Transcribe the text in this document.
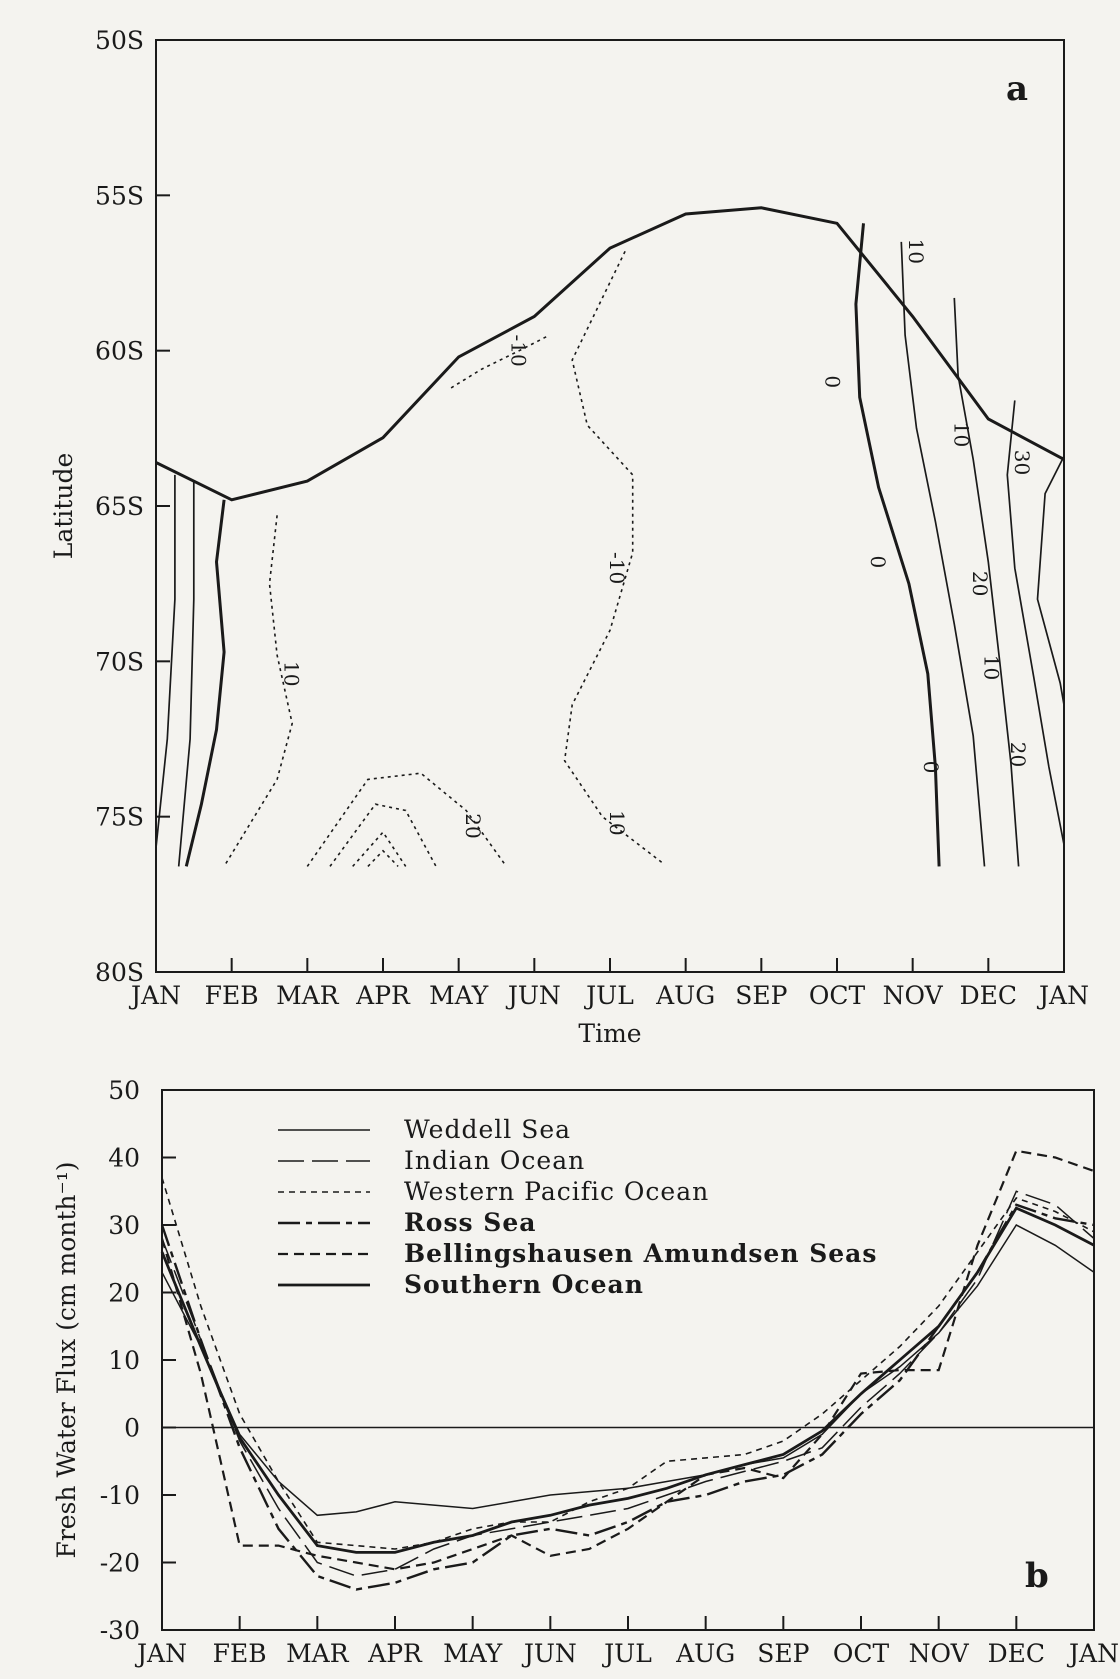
50S
55S
60S
65S
70S
75S
80S
JAN FEB MAR APR MAY JUN JUL AUG SEP OCT NOV DEC JAN
-10
10
-10
10
20
0
10
20
30
10
0
10
20
0
Latitude
Time
a
50
40
30
20
10
0
-10
-20
-30
JAN FEB MAR APR MAY JUN JUL AUG SEP OCT NOV DEC JAN
Weddell Sea
Indian Ocean
Western Pacific Ocean
Ross Sea
Bellingshausen Amundsen Seas
Southern Ocean
Fresh Water Flux (cm month⁻¹)
b
